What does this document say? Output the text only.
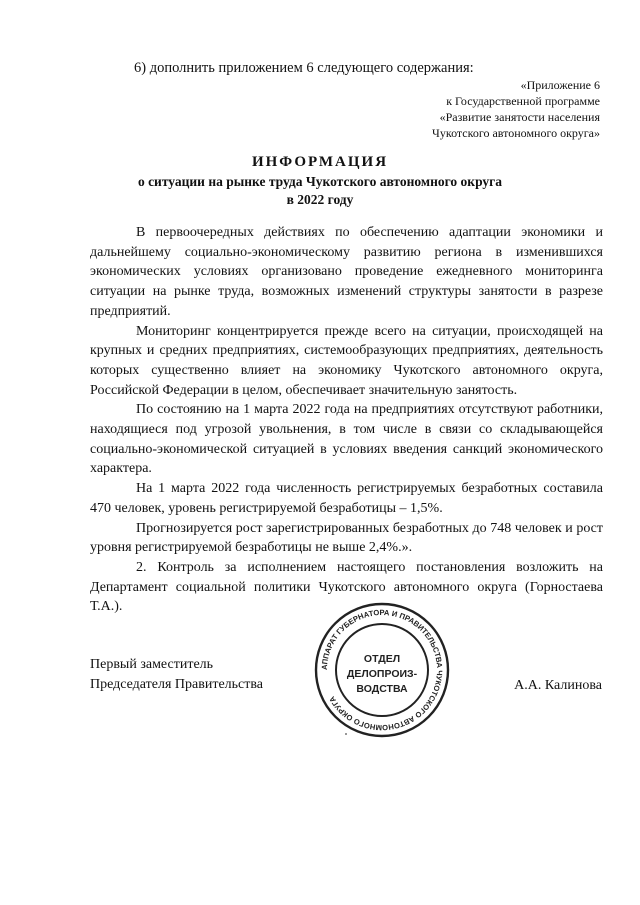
6) дополнить приложением 6 следующего содержания:
«Приложение 6
к Государственной программе
«Развитие занятости населения
Чукотского автономного округа»
ИНФОРМАЦИЯ
о ситуации на рынке труда Чукотского автономного округа
в 2022 году

В первоочередных действиях по обеспечению адаптации экономики и дальнейшему социально-экономическому развитию региона в изменившихся экономических условиях организовано проведение ежедневного мониторинга ситуации на рынке труда, возможных изменений структуры занятости в разрезе предприятий.

Мониторинг концентрируется прежде всего на ситуации, происходящей на крупных и средних предприятиях, системообразующих предприятиях, деятельность которых существенно влияет на экономику Чукотского автономного округа, Российской Федерации в целом, обеспечивает значительную занятость.

По состоянию на 1 марта 2022 года на предприятиях отсутствуют работники, находящиеся под угрозой увольнения, в том числе в связи со складывающейся социально-экономической ситуацией в условиях введения санкций экономического характера.

На 1 марта 2022 года численность регистрируемых безработных составила 470 человек, уровень регистрируемой безработицы – 1,5%.

Прогнозируется рост зарегистрированных безработных до 748 человек и рост уровня регистрируемой безработицы не выше 2,4%.».

2. Контроль за исполнением настоящего постановления возложить на Департамент социальной политики Чукотского автономного округа (Горностаева Т.А.).

Первый заместитель
Председателя Правительства
АППАРАТ ГУБЕРНАТОРА И ПРАВИТЕЛЬСТВА ЧУКОТСКОГО АВТОНОМНОГО ОКРУГА
ОТДЕЛ
ДЕЛОПРОИЗ-
ВОДСТВА	А.А. Калинова
